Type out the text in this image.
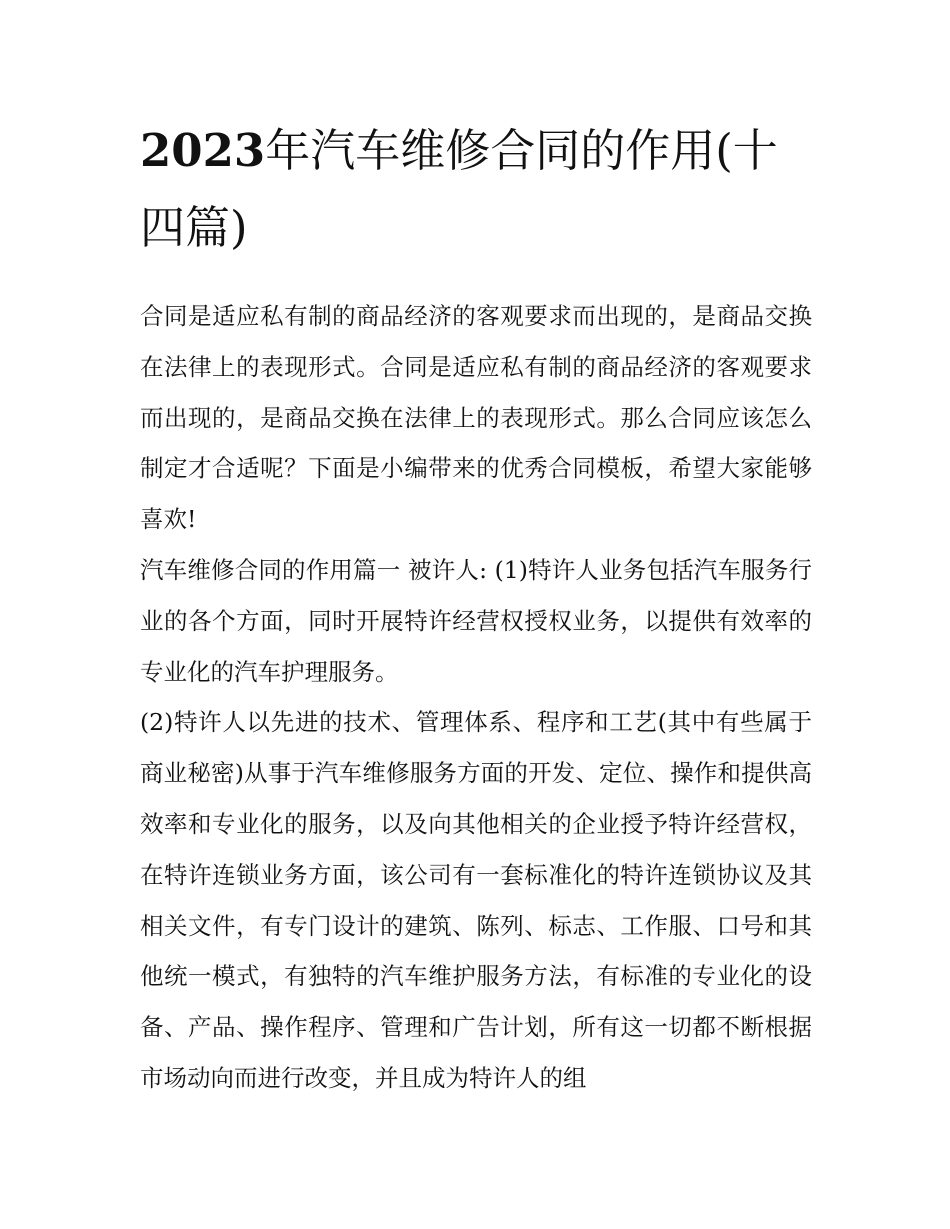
2023年汽车维修合同的作用(十四篇)

合同是适应私有制的商品经济的客观要求而出现的，是商品交换在法律上的表现形式。合同是适应私有制的商品经济的客观要求而出现的，是商品交换在法律上的表现形式。那么合同应该怎么制定才合适呢？下面是小编带来的优秀合同模板，希望大家能够喜欢!

汽车维修合同的作用篇一 被许人: (1)特许人业务包括汽车服务行业的各个方面，同时开展特许经营权授权业务，以提供有效率的专业化的汽车护理服务。

(2)特许人以先进的技术、管理体系、程序和工艺(其中有些属于商业秘密)从事于汽车维修服务方面的开发、定位、操作和提供高效率和专业化的服务，以及向其他相关的企业授予特许经营权，在特许连锁业务方面，该公司有一套标准化的特许连锁协议及其相关文件，有专门设计的建筑、陈列、标志、工作服、口号和其他统一模式，有独特的汽车维护服务方法，有标准的专业化的设备、产品、操作程序、管理和广告计划，所有这一切都不断根据市场动向而进行改变，并且成为特许人的组
